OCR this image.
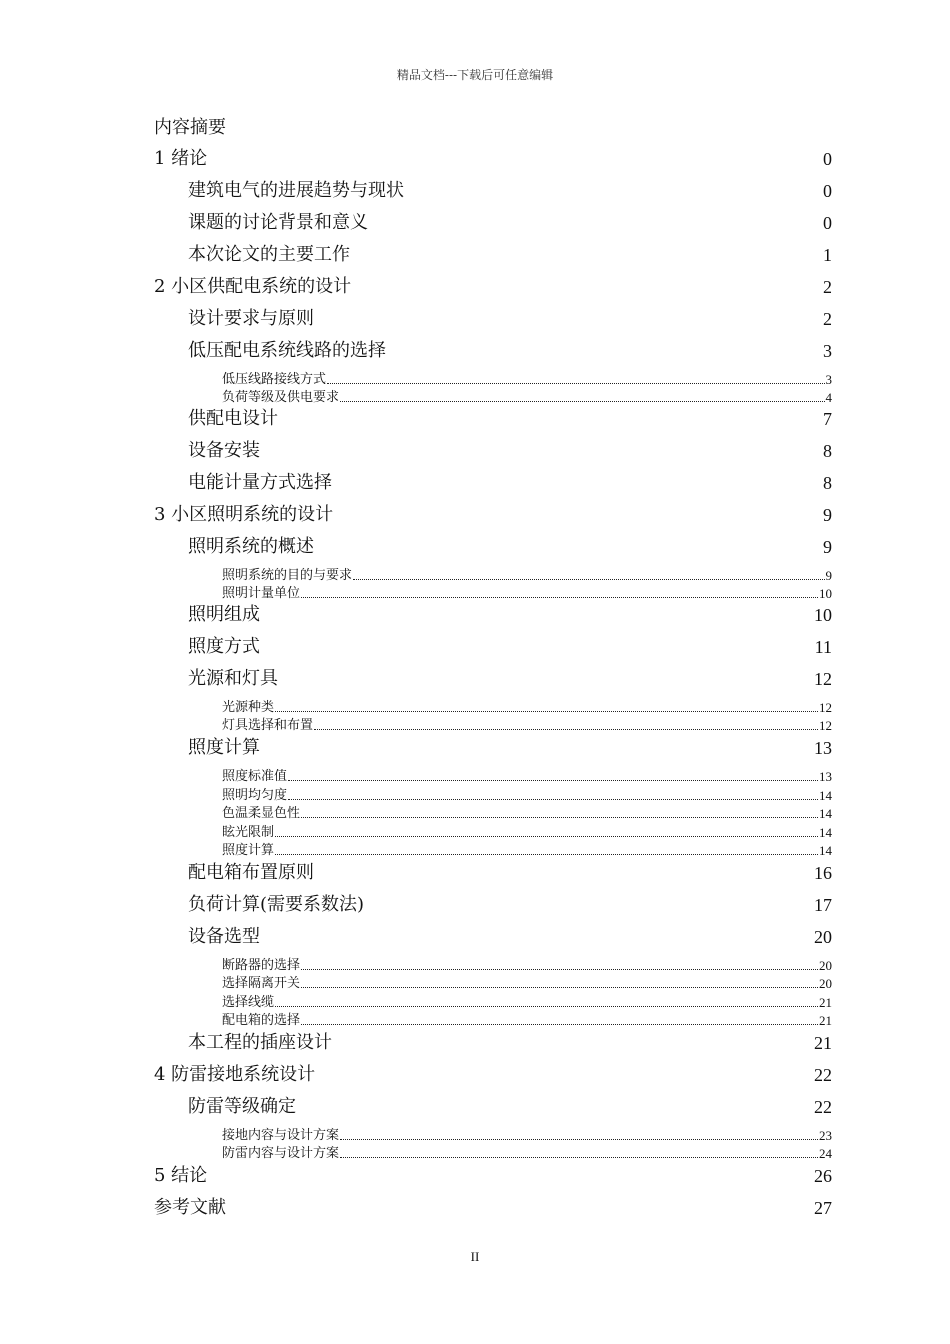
精品文档---下载后可任意编辑
内容摘要
1 绪论	0
建筑电气的进展趋势与现状	0
课题的讨论背景和意义	0
本次论文的主要工作	1
2 小区供配电系统的设计	2
设计要求与原则	2
低压配电系统线路的选择	3
低压线路接线方式	3
负荷等级及供电要求	4
供配电设计	7
设备安装	8
电能计量方式选择	8
3 小区照明系统的设计	9
照明系统的概述	9
照明系统的目的与要求	9
照明计量单位	10
照明组成	10
照度方式	11
光源和灯具	12
光源种类	12
灯具选择和布置	12
照度计算	13
照度标准值	13
照明均匀度	14
色温柔显色性	14
眩光限制	14
照度计算	14
配电箱布置原则	16
负荷计算(需要系数法)	17
设备选型	20
断路器的选择	20
选择隔离开关	20
选择线缆	21
配电箱的选择	21
本工程的插座设计	21
4 防雷接地系统设计	22
防雷等级确定	22
接地内容与设计方案	23
防雷内容与设计方案	24
5 结论	26
参考文献	27
II
